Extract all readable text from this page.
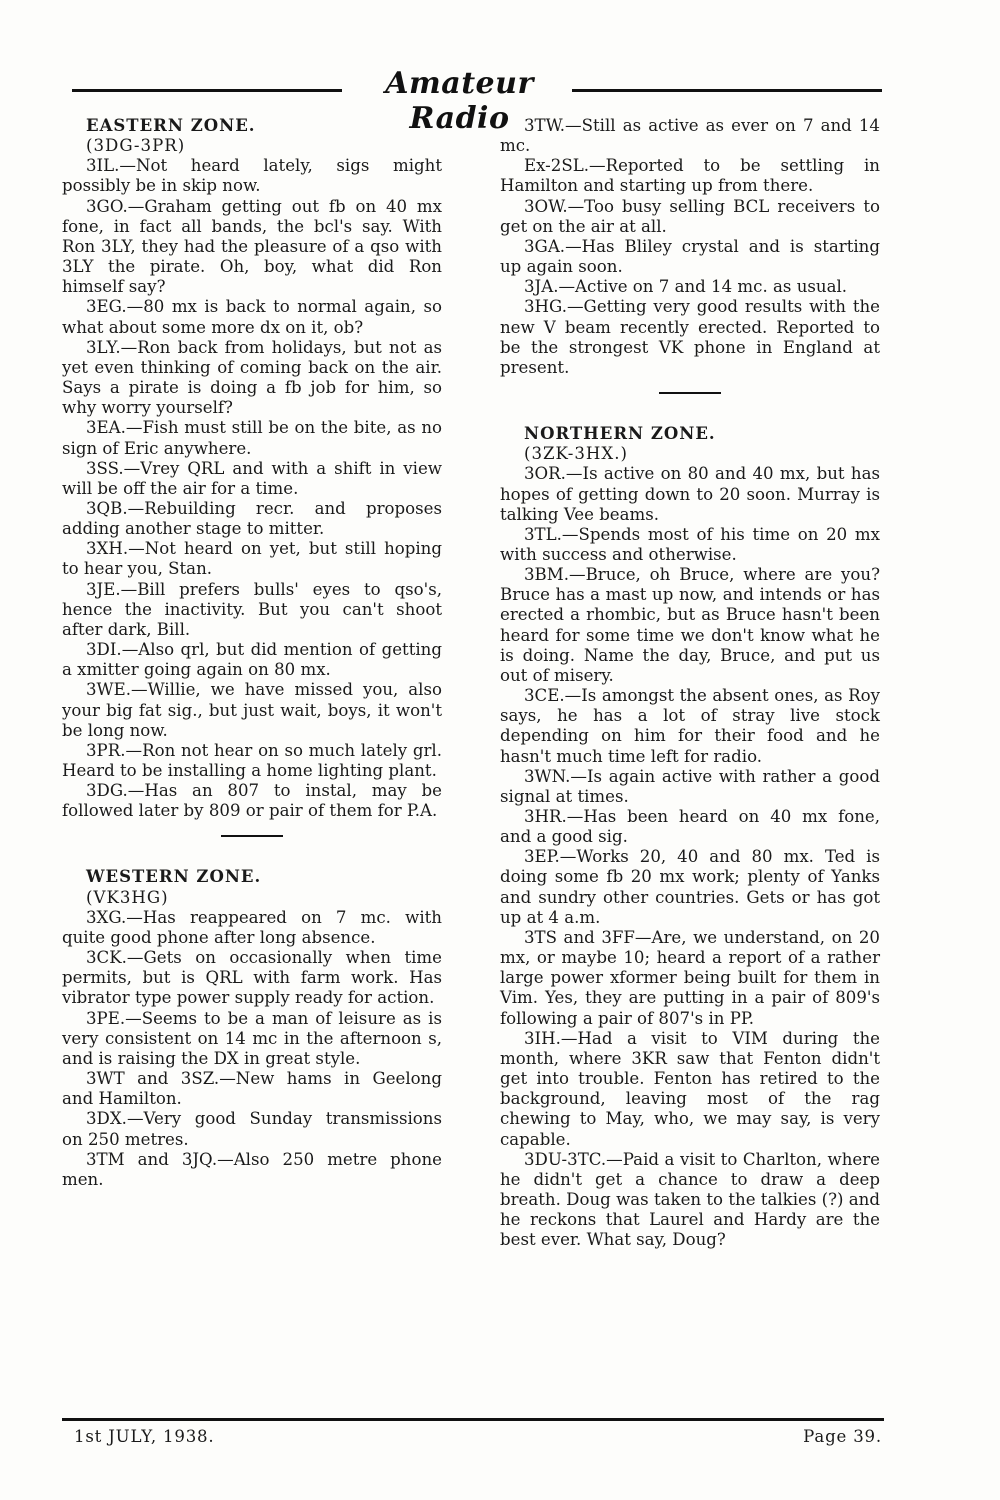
Amateur Radio

EASTERN ZONE.

(3DG-3PR)

3IL.—Not heard lately, sigs might possibly be in skip now.

3GO.—Graham getting out fb on 40 mx fone, in fact all bands, the bcl's say. With Ron 3LY, they had the pleasure of a qso with 3LY the pirate. Oh, boy, what did Ron himself say?

3EG.—80 mx is back to normal again, so what about some more dx on it, ob?

3LY.—Ron back from holidays, but not as yet even thinking of coming back on the air. Says a pirate is doing a fb job for him, so why worry yourself?

3EA.—Fish must still be on the bite, as no sign of Eric anywhere.

3SS.—Vrey QRL and with a shift in view will be off the air for a time.

3QB.—Rebuilding recr. and proposes adding another stage to mitter.

3XH.—Not heard on yet, but still hoping to hear you, Stan.

3JE.—Bill prefers bulls' eyes to qso's, hence the inactivity. But you can't shoot after dark, Bill.

3DI.—Also qrl, but did mention of getting a xmitter going again on 80 mx.

3WE.—Willie, we have missed you, also your big fat sig., but just wait, boys, it won't be long now.

3PR.—Ron not hear on so much lately grl. Heard to be installing a home lighting plant.

3DG.—Has an 807 to instal, may be followed later by 809 or pair of them for P.A.

WESTERN ZONE.

(VK3HG)

3XG.—Has reappeared on 7 mc. with quite good phone after long absence.

3CK.—Gets on occasionally when time permits, but is QRL with farm work. Has vibrator type power supply ready for action.

3PE.—Seems to be a man of leisure as is very consistent on 14 mc in the afternoon s, and is raising the DX in great style.

3WT and 3SZ.—New hams in Geelong and Hamilton.

3DX.—Very good Sunday transmissions on 250 metres.

3TM and 3JQ.—Also 250 metre phone men.

3TW.—Still as active as ever on 7 and 14 mc.

Ex-2SL.—Reported to be settling in Hamilton and starting up from there.

3OW.—Too busy selling BCL receivers to get on the air at all.

3GA.—Has Bliley crystal and is starting up again soon.

3JA.—Active on 7 and 14 mc. as usual.

3HG.—Getting very good results with the new V beam recently erected. Reported to be the strongest VK phone in England at present.

NORTHERN ZONE.

(3ZK-3HX.)

3OR.—Is active on 80 and 40 mx, but has hopes of getting down to 20 soon. Murray is talking Vee beams.

3TL.—Spends most of his time on 20 mx with success and otherwise.

3BM.—Bruce, oh Bruce, where are you? Bruce has a mast up now, and intends or has erected a rhombic, but as Bruce hasn't been heard for some time we don't know what he is doing. Name the day, Bruce, and put us out of misery.

3CE.—Is amongst the absent ones, as Roy says, he has a lot of stray live stock depending on him for their food and he hasn't much time left for radio.

3WN.—Is again active with rather a good signal at times.

3HR.—Has been heard on 40 mx fone, and a good sig.

3EP.—Works 20, 40 and 80 mx. Ted is doing some fb 20 mx work; plenty of Yanks and sundry other countries. Gets or has got up at 4 a.m.

3TS and 3FF—Are, we understand, on 20 mx, or maybe 10; heard a report of a rather large power xformer being built for them in Vim. Yes, they are putting in a pair of 809's following a pair of 807's in PP.

3IH.—Had a visit to VIM during the month, where 3KR saw that Fenton didn't get into trouble. Fenton has retired to the background, leaving most of the rag chewing to May, who, we may say, is very capable.

3DU-3TC.—Paid a visit to Charlton, where he didn't get a chance to draw a deep breath. Doug was taken to the talkies (?) and he reckons that Laurel and Hardy are the best ever. What say, Doug?

1st JULY, 1938.	Page 39.
